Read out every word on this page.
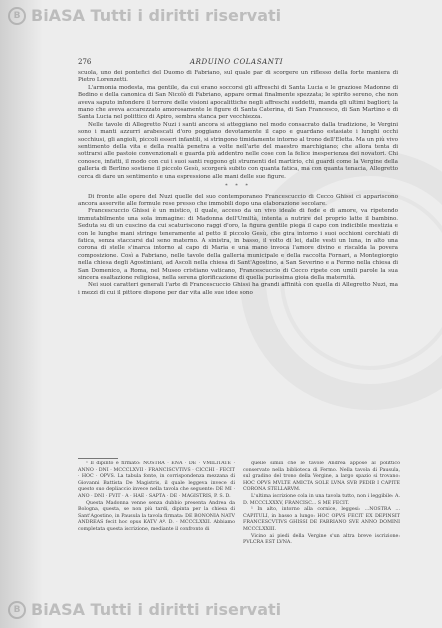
B BiASA Tutti i diritti riservati
276	ARDUINO COLASANTI

scuola, uno dei pontefici del Duomo di Fabriano, sul quale par di scorgere un riflesso della forte maniera di Pietro Lorenzetti.

L'armonia modesta, ma gentile, da cui erano soccorsi gli affreschi di Santa Lucia e le graziose Madonne di Bedino e della canonica di San Nicolò di Fabriano, appare ormai finalmente spezzata; le spirito sereno, che non aveva saputo infondere il terrore delle visioni apocalittiche negli affreschi suddetti, manda gli ultimi bagliori; la mano che aveva accarezzato amorosamente le figure di Santa Caterina, di San Francesco, di San Martino e di Santa Lucia nel polittico di Apiro, sembra stanca per vecchiezza.

Nelle tavole di Allegretto Nuzi i santi ancora si atteggiano nel modo consacrato dalla tradizione, le Vergini sono i manti azzurri arabescati d'oro poggiano devotamente il capo e guardano estasiate i lunghi occhi socchiusi, gli angioli, piccoli esseri infantili, si stringono timidamente intorno al trono dell'Eletta. Ma un più vivo sentimento della vita e della realtà penetra a volte nell'arte del maestro marchigiano; che allora tenta di sottrarsi alle pastoie convenzionali e guarda più addentro nelle cose con la felice inesperienza dei novatori. Chi conosce, infatti, il modo con cui i suoi santi reggono gli strumenti del martirio, chi guardi come la Vergine della galleria di Berlino sostiene il piccolo Gesù, scorgerà subito con quanta fatica, ma con quanta tenacia, Allegretto cerca di dare un sentimento e una espressione alle mani delle sue figure.

* * *

Di fronte alle opere del Nuzi quelle del suo contemporaneo Francescuccio di Cecco Ghissi ci appariscono ancora asservite alle formule rese presso che immobili dopo una elaborazione secolare.

Francescuccio Ghissi è un mistico, il quale, acceso da un vivo ideale di fede e di amore, va ripetendo immutabilmente una sola immagine: di Madonna dell'Umiltà, intenta a nutrire del proprio latte il bambino. Seduta su di un cuscino da cui scaturiscono raggi d'oro, la figura gentile piega il capo con indicibile mestizia e con le lunghe mani stringe teneramente al petto il piccolo Gesù, che gira intorno i suoi occhioni cerchiati di fatica, senza staccarsi dal seno materno. A sinistra, in basso, il volto di lei, dalle vesti un luna, in alto una corona di stelle s'inarca intorno al capo di Maria e una mano invoca l'amore divino e riscalda la povera composizione. Così a Fabriano, nelle tavole della galleria municipale e della raccolta Fornari, a Montegiorgio nella chiesa degli Agostiniani, ad Ascoli nella chiesa di Sant'Agostino, a San Severino e a Fermo nella chiesa di San Domenico, a Roma, nel Museo cristiano vaticano, Francescuccio di Cecco ripete con umili parole la sua sincera esaltazione religiosa, nella serena glorificazione di quella purissima gioia della maternità.

Nei suoi caratteri generali l'arte di Francescuccio Ghissi ha grandi affinità con quella di Allegretto Nuzi, ma i mezzi di cui il pittore dispone per dar vita alle sue idee sono

¹ Il dipinto è firmato: NOSTRA · ENA · DE · VMILITATE · ANNO · DNI · MCCCLXVII · FRANCISCVTIVS · CICCHI · FECIT · HOC · OPVS. La tabula fonte, in corrispondenza mezzana di Giovanni Battista De Magistris, il quale leggeva invece di questo suo depliaccio invece nella tavola che seguente: DE MI · ANO · DNI · FVIT · A · HAE · SAPTA · DE · MAGISTRIS, P. S. D.

Questa Madonna venne senza dubbio presenta Andrea da Bologna, questa, se non più tardi, dipinta per la chiesa di Sant'Agostino, in Pausula la tavola firmata: DE BONONIA NATV ANDREAS fecit hoc opus KATV Aº. D. · MCCCLXXII. Abbiamo completata questa iscrizione, mediante il confronto di

quelle simili che le tavole Andrea appose al polittico conservato nella biblioteca di Fermo. Nella tavola di Pausula, sul gradino del trono della Vergine, a largo spazio si trovano: HOC OPVS MVLTE AMICTA SOLE LVNA SVB PEDIB I CAPITE CORONA STELLARVM.

L'ultima iscrizione cola in una tavola tutto, non i leggibile: A. D. MCCCLXXXV, FRANCISC... S ME FECIT.

¹ In alto, intorno alla cornice, leggesi: ...NOSTRA ... CAPITULI, in basso a lungo: HOC OPVS FECIT EX DEPINSIT FRANCESCVTIVS GHISSI DE FABRIANO SVE ANNO DOMINI MCCCLXXIII.

Vicino ai piedi della Vergine s'un altra breve iscrizione: PVLCRA EST LVNA.

B BiASA Tutti i diritti riservati
